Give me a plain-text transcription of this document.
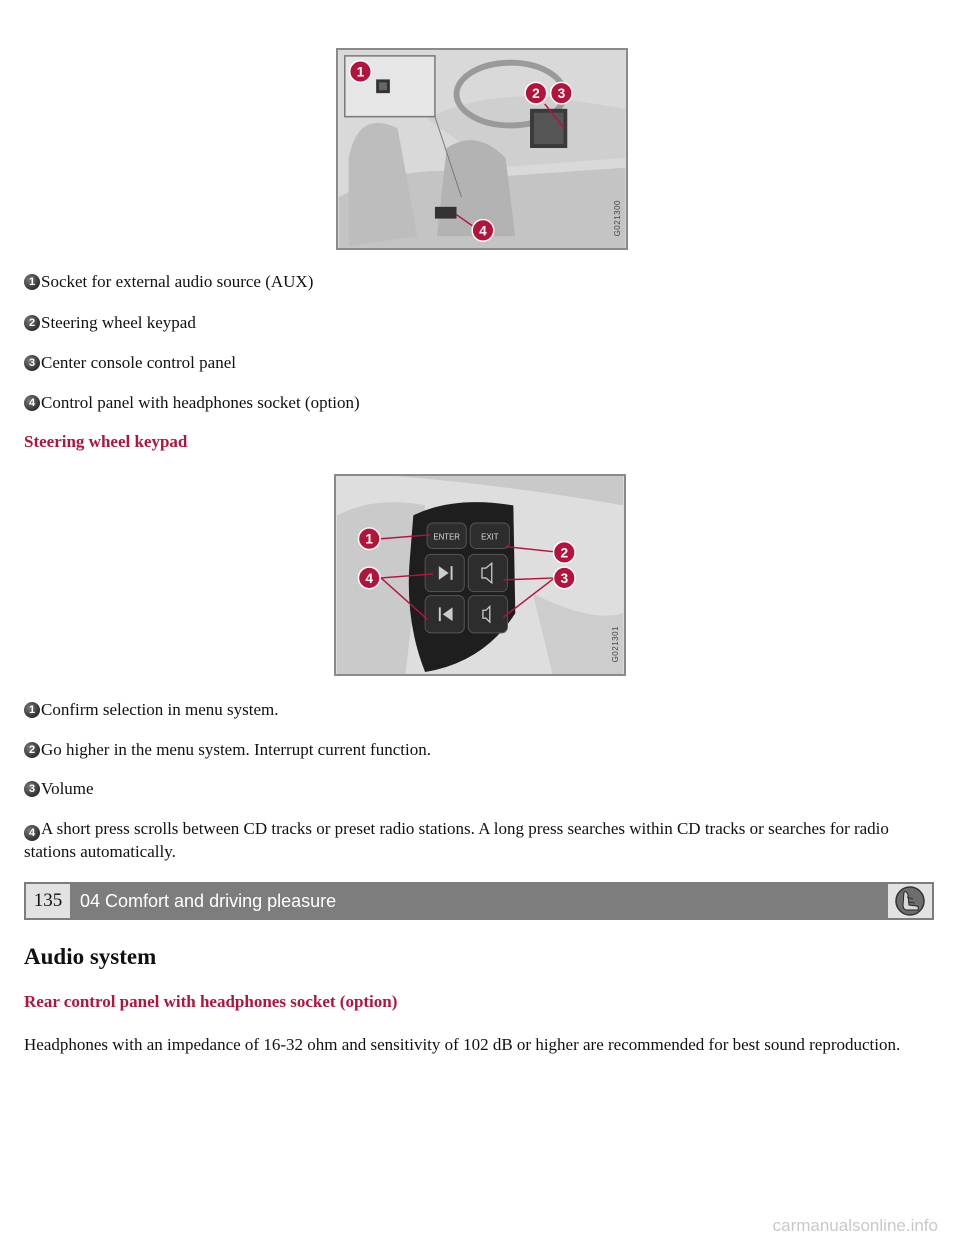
1
2 3
4	G021300
1 Socket for external audio source (AUX)
2 Steering wheel keypad
3 Center console control panel
4 Control panel with headphones socket (option)
Steering wheel keypad
ENTER	EXIT
1
2
3
4
G021301
1 Confirm selection in menu system.
2 Go higher in the menu system. Interrupt current function.
3 Volume
4 A short press scrolls between CD tracks or preset radio stations. A long press searches within CD tracks or searches for radio stations automatically.
135 04 Comfort and driving pleasure
Audio system
Rear control panel with headphones socket (option)
Headphones with an impedance of 16-32 ohm and sensitivity of 102 dB or higher are recommended for best sound reproduction.
carmanualsonline.info
